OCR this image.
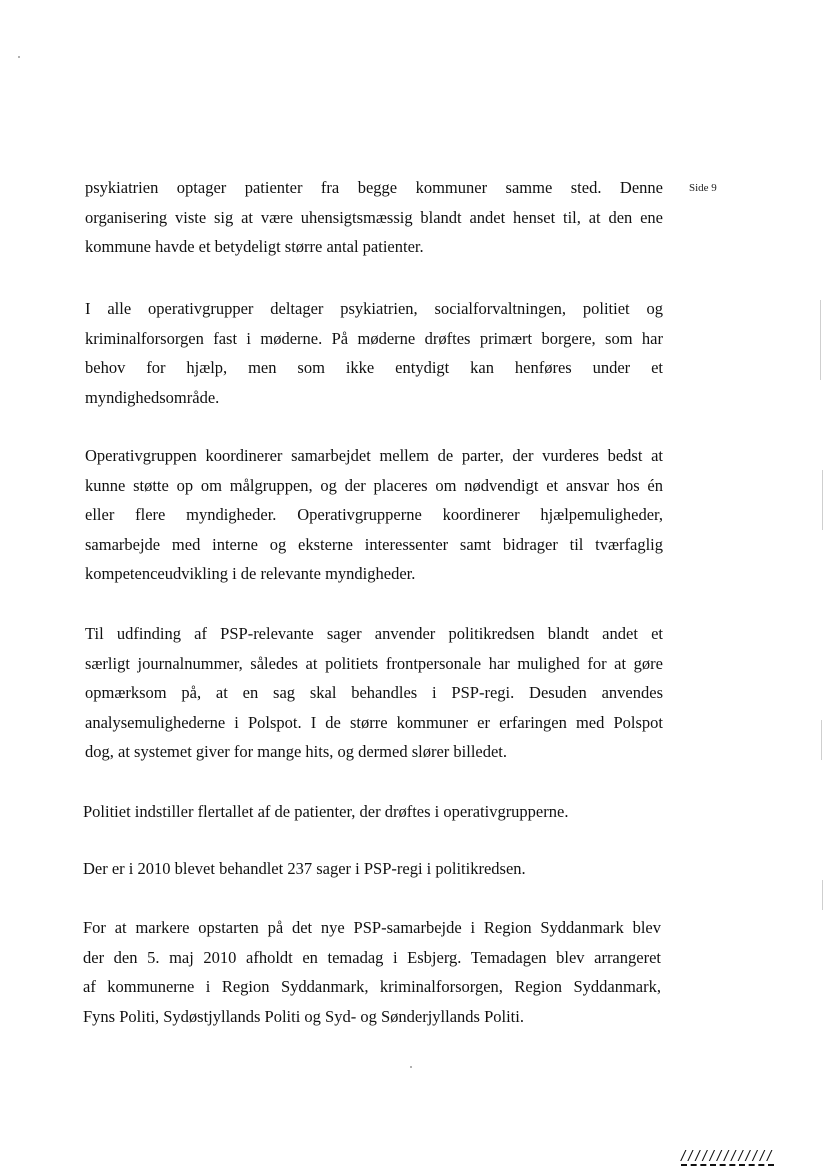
Side 9
psykiatrien optager patienter fra begge kommuner samme sted. Denne
organisering viste sig at være uhensigtsmæssig blandt andet henset til, at den ene
kommune havde et betydeligt større antal patienter.
I alle operativgrupper deltager psykiatrien, socialforvaltningen, politiet og
kriminalforsorgen fast i møderne. På møderne drøftes primært borgere, som har
behov for hjælp, men som ikke entydigt kan henføres under et
myndighedsområde.
Operativgruppen koordinerer samarbejdet mellem de parter, der vurderes bedst at
kunne støtte op om målgruppen, og der placeres om nødvendigt et ansvar hos én
eller flere myndigheder. Operativgrupperne koordinerer hjælpemuligheder,
samarbejde med interne og eksterne interessenter samt bidrager til tværfaglig
kompetenceudvikling i de relevante myndigheder.
Til udfinding af PSP-relevante sager anvender politikredsen blandt andet et
særligt journalnummer, således at politiets frontpersonale har mulighed for at gøre
opmærksom på, at en sag skal behandles i PSP-regi. Desuden anvendes
analysemulighederne i Polspot. I de større kommuner er erfaringen med Polspot
dog, at systemet giver for mange hits, og dermed slører billedet.
Politiet indstiller flertallet af de patienter, der drøftes i operativgrupperne.
Der er i 2010 blevet behandlet 237 sager i PSP-regi i politikredsen.
For at markere opstarten på det nye PSP-samarbejde i Region Syddanmark blev
der den 5. maj 2010 afholdt en temadag i Esbjerg. Temadagen blev arrangeret
af kommunerne i Region Syddanmark, kriminalforsorgen, Region Syddanmark,
Fyns Politi, Sydøstjyllands Politi og Syd- og Sønderjyllands Politi.
/////////////
